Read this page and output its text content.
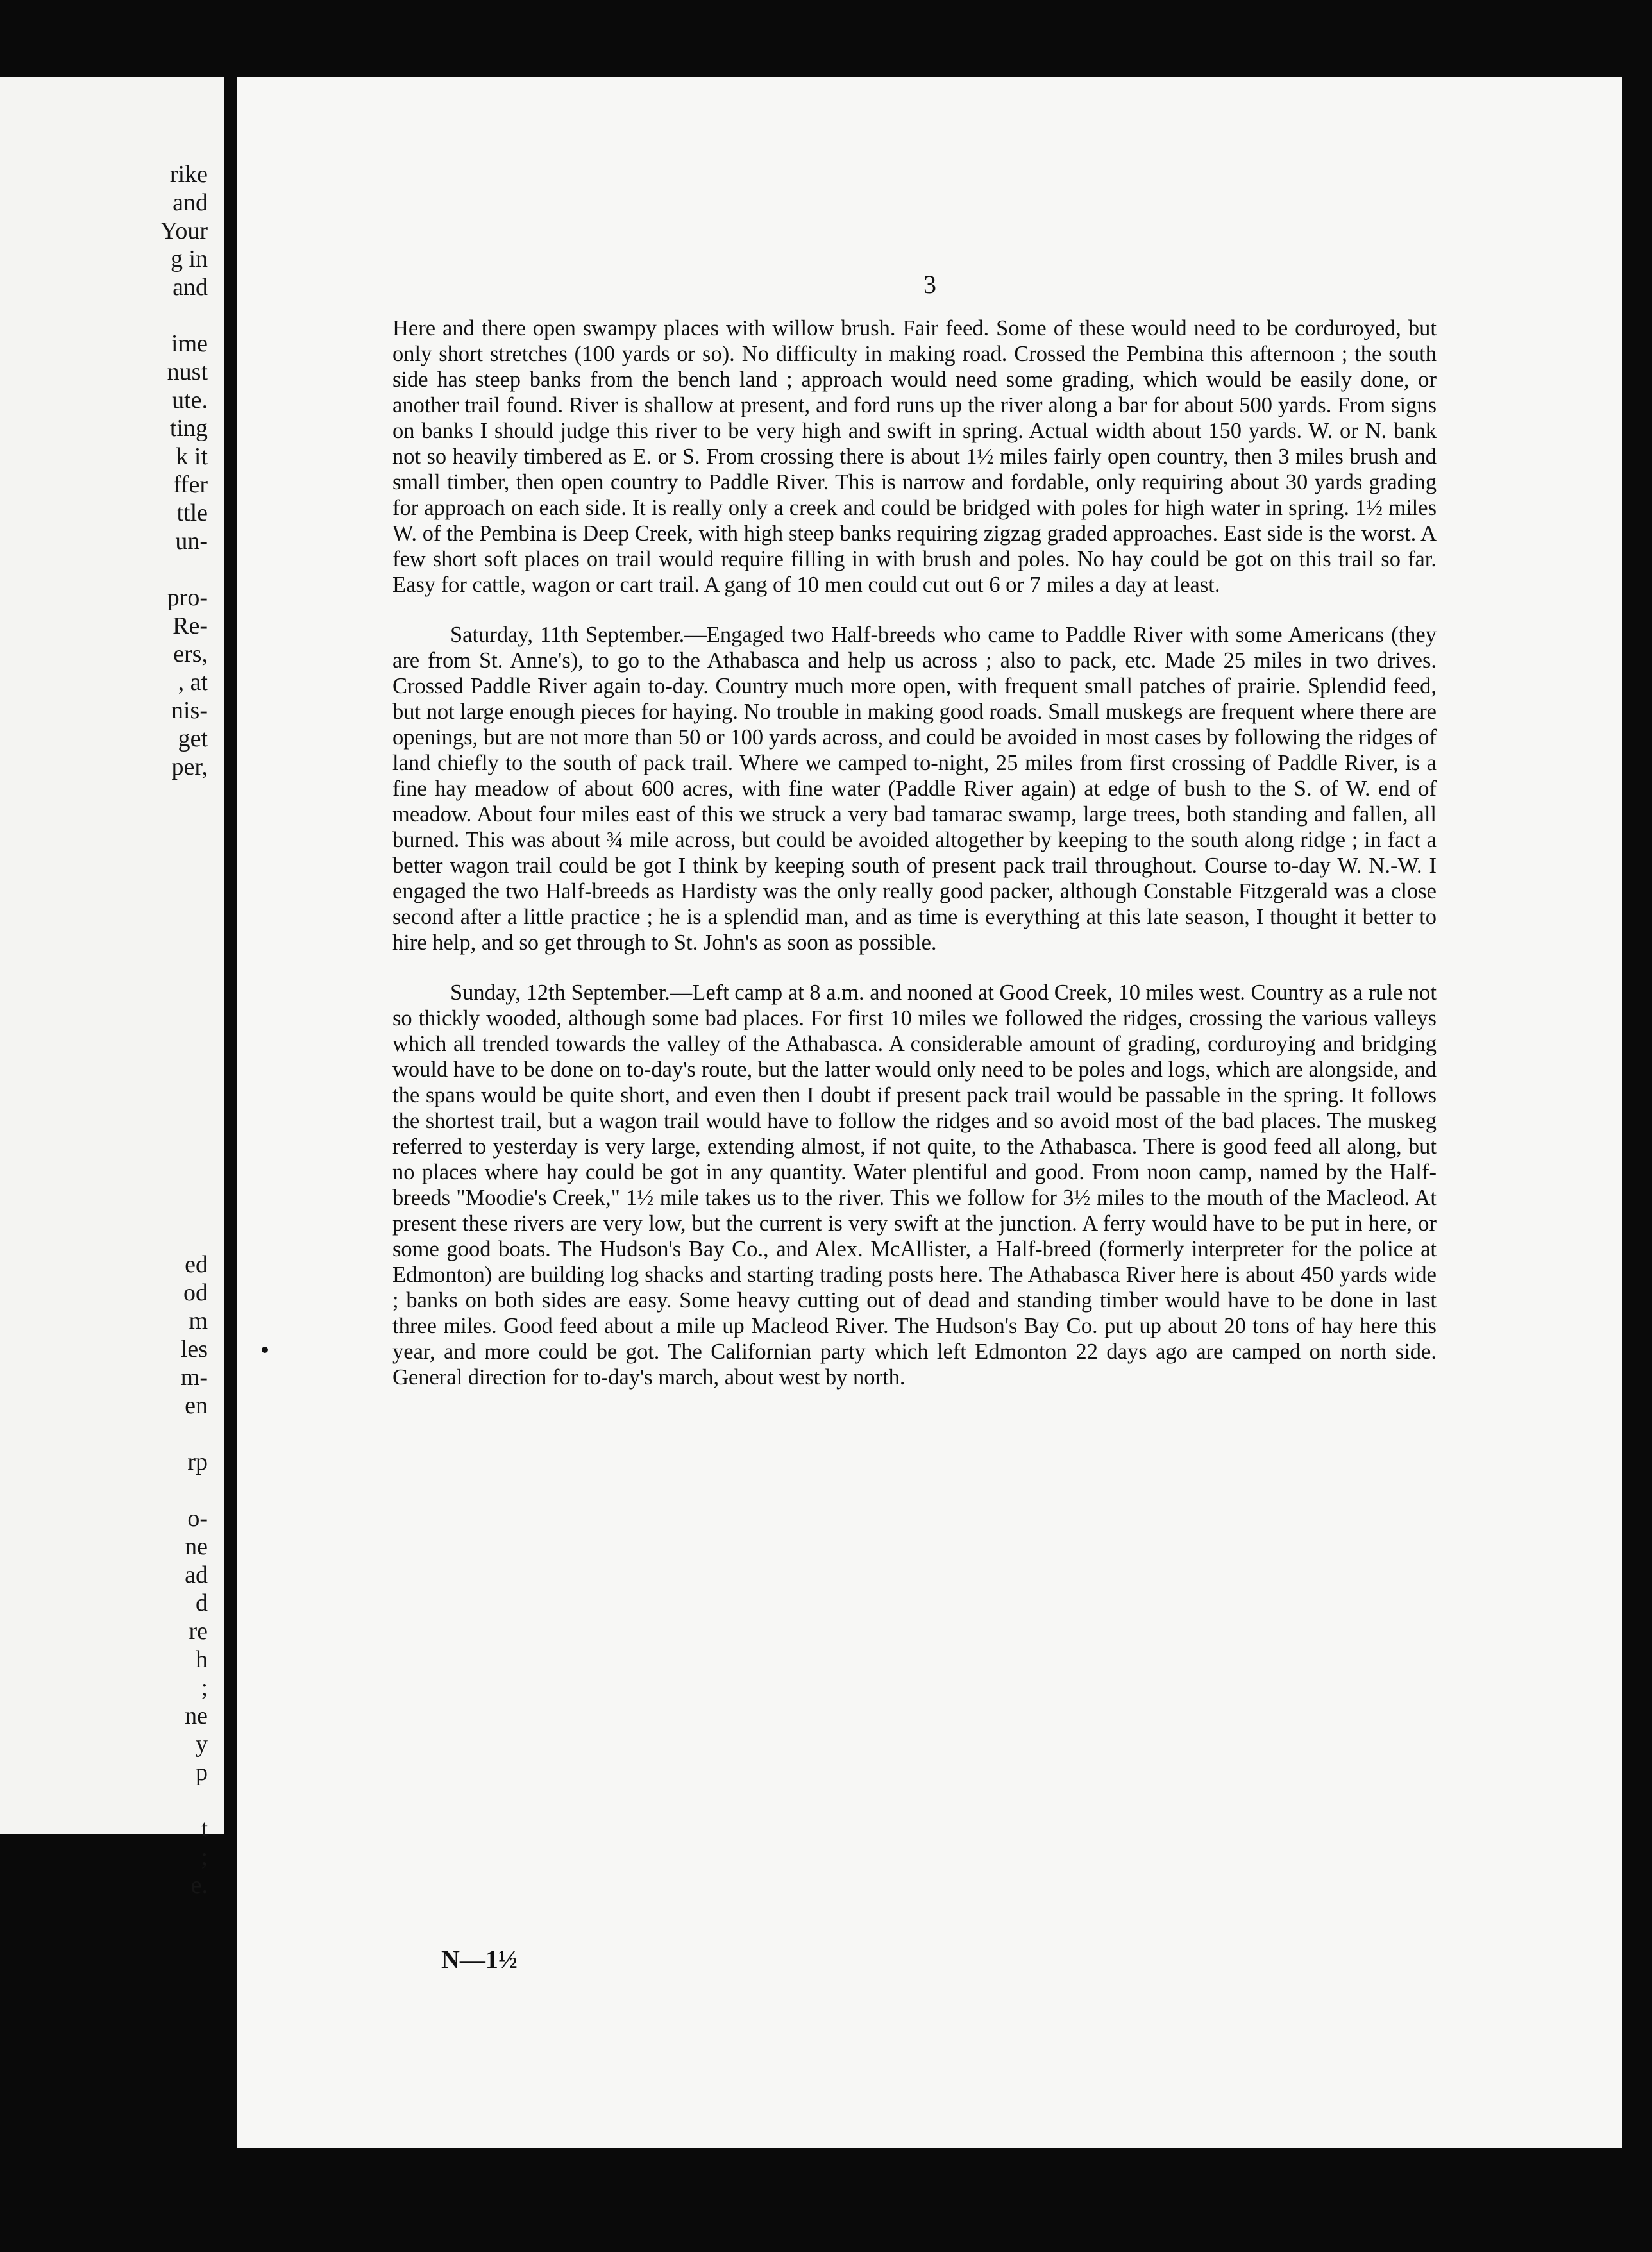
rike
and
Your
g in
and

ime
nust
ute.
ting
k it
ffer
ttle
un-

pro-
Re-
ers,
, at
nis-
get
per,
ed
od
m
les
m-
en

rp

o-
ne
ad
d
re
h
;
ne
y
p

t
;
e.
3

Here and there open swampy places with willow brush. Fair feed. Some of these would need to be corduroyed, but only short stretches (100 yards or so). No difficulty in making road. Crossed the Pembina this afternoon ; the south side has steep banks from the bench land ; approach would need some grading, which would be easily done, or another trail found. River is shallow at present, and ford runs up the river along a bar for about 500 yards. From signs on banks I should judge this river to be very high and swift in spring. Actual width about 150 yards. W. or N. bank not so heavily timbered as E. or S. From crossing there is about 1½ miles fairly open country, then 3 miles brush and small timber, then open country to Paddle River. This is narrow and fordable, only requiring about 30 yards grading for approach on each side. It is really only a creek and could be bridged with poles for high water in spring. 1½ miles W. of the Pembina is Deep Creek, with high steep banks requiring zigzag graded approaches. East side is the worst. A few short soft places on trail would require filling in with brush and poles. No hay could be got on this trail so far. Easy for cattle, wagon or cart trail. A gang of 10 men could cut out 6 or 7 miles a day at least.

Saturday, 11th September.—Engaged two Half-breeds who came to Paddle River with some Americans (they are from St. Anne's), to go to the Athabasca and help us across ; also to pack, etc. Made 25 miles in two drives. Crossed Paddle River again to-day. Country much more open, with frequent small patches of prairie. Splendid feed, but not large enough pieces for haying. No trouble in making good roads. Small muskegs are frequent where there are openings, but are not more than 50 or 100 yards across, and could be avoided in most cases by following the ridges of land chiefly to the south of pack trail. Where we camped to-night, 25 miles from first crossing of Paddle River, is a fine hay meadow of about 600 acres, with fine water (Paddle River again) at edge of bush to the S. of W. end of meadow. About four miles east of this we struck a very bad tamarac swamp, large trees, both standing and fallen, all burned. This was about ¾ mile across, but could be avoided altogether by keeping to the south along ridge ; in fact a better wagon trail could be got I think by keeping south of present pack trail throughout. Course to-day W. N.-W. I engaged the two Half-breeds as Hardisty was the only really good packer, although Constable Fitzgerald was a close second after a little practice ; he is a splendid man, and as time is everything at this late season, I thought it better to hire help, and so get through to St. John's as soon as possible.

Sunday, 12th September.—Left camp at 8 a.m. and nooned at Good Creek, 10 miles west. Country as a rule not so thickly wooded, although some bad places. For first 10 miles we followed the ridges, crossing the various valleys which all trended towards the valley of the Athabasca. A considerable amount of grading, corduroying and bridging would have to be done on to-day's route, but the latter would only need to be poles and logs, which are alongside, and the spans would be quite short, and even then I doubt if present pack trail would be passable in the spring. It follows the shortest trail, but a wagon trail would have to follow the ridges and so avoid most of the bad places. The muskeg referred to yesterday is very large, extending almost, if not quite, to the Athabasca. There is good feed all along, but no places where hay could be got in any quantity. Water plentiful and good. From noon camp, named by the Half-breeds "Moodie's Creek," 1½ mile takes us to the river. This we follow for 3½ miles to the mouth of the Macleod. At present these rivers are very low, but the current is very swift at the junction. A ferry would have to be put in here, or some good boats. The Hudson's Bay Co., and Alex. McAllister, a Half-breed (formerly interpreter for the police at Edmonton) are building log shacks and starting trading posts here. The Athabasca River here is about 450 yards wide ; banks on both sides are easy. Some heavy cutting out of dead and standing timber would have to be done in last three miles. Good feed about a mile up Macleod River. The Hudson's Bay Co. put up about 20 tons of hay here this year, and more could be got. The Californian party which left Edmonton 22 days ago are camped on north side. General direction for to-day's march, about west by north.

N—1½
